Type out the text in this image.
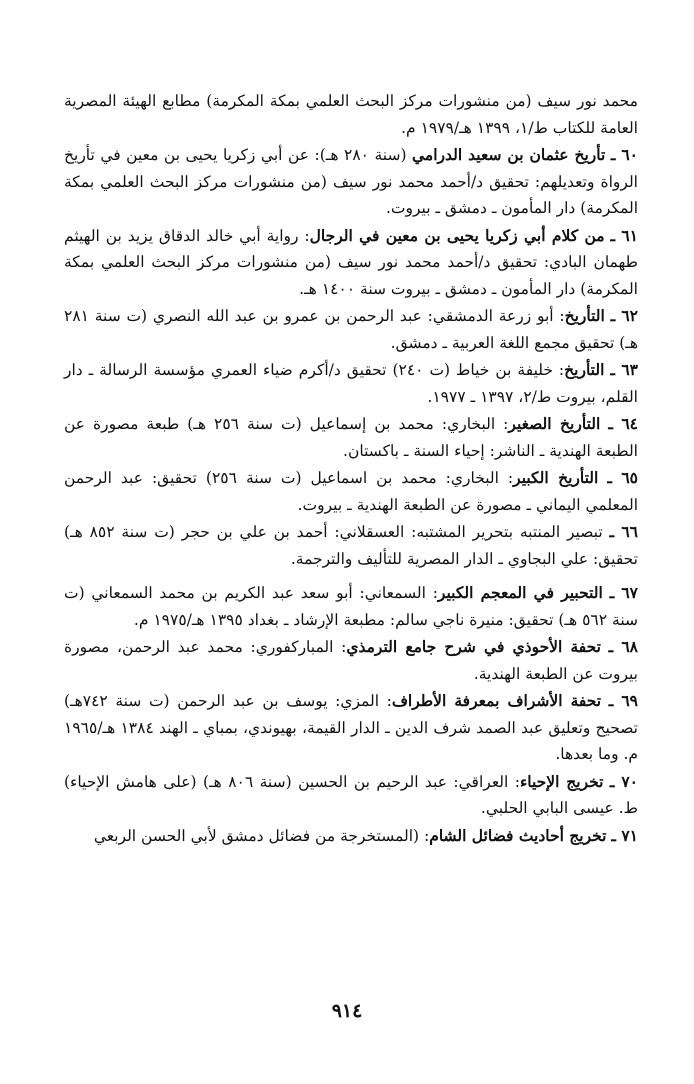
محمد نور سيف (من منشورات مركز البحث العلمي بمكة المكرمة) مطابع الهيئة المصرية العامة للكتاب ط/١، ١٣٩٩ هـ/١٩٧٩ م.

٦٠ ـ تأريخ عثمان بن سعيد الدرامي (سنة ٢٨٠ هـ): عن أبي زكريا يحيى بن معين في تأريخ الرواة وتعديلهم: تحقيق د/أحمد محمد نور سيف (من منشورات مركز البحث العلمي بمكة المكرمة) دار المأمون ـ دمشق ـ بيروت.

٦١ ـ من كلام أبي زكريا يحيى بن معين في الرجال: رواية أبي خالد الدقاق يزيد بن الهيثم طهمان البادي: تحقيق د/أحمد محمد نور سيف (من منشورات مركز البحث العلمي بمكة المكرمة) دار المأمون ـ دمشق ـ بيروت سنة ١٤٠٠ هـ.

٦٢ ـ التأريخ: أبو زرعة الدمشقي: عبد الرحمن بن عمرو بن عبد الله النصري (ت سنة ٢٨١ هـ) تحقيق مجمع اللغة العربية ـ دمشق.

٦٣ ـ التأريخ: خليفة بن خياط (ت ٢٤٠) تحقيق د/أكرم ضياء العمري مؤسسة الرسالة ـ دار القلم، بيروت ط/٢، ١٣٩٧ ـ ١٩٧٧.

٦٤ ـ التأريخ الصغير: البخاري: محمد بن إسماعيل (ت سنة ٢٥٦ هـ) طبعة مصورة عن الطبعة الهندية ـ الناشر: إحياء السنة ـ باكستان.

٦٥ ـ التأريخ الكبير: البخاري: محمد بن اسماعيل (ت سنة ٢٥٦) تحقيق: عبد الرحمن المعلمي اليماني ـ مصورة عن الطبعة الهندية ـ بيروت.

٦٦ ـ تبصير المنتبه بتحرير المشتبه: العسقلاني: أحمد بن علي بن حجر (ت سنة ٨٥٢ هـ) تحقيق: علي البجاوي ـ الدار المصرية للتأليف والترجمة.

٦٧ ـ التحبير في المعجم الكبير: السمعاني: أبو سعد عبد الكريم بن محمد السمعاني (ت سنة ٥٦٢ هـ) تحقيق: منيرة ناجي سالم: مطبعة الإرشاد ـ بغداد ١٣٩٥ هـ/١٩٧٥ م.

٦٨ ـ تحفة الأحوذي في شرح جامع الترمذي: المباركفوري: محمد عبد الرحمن، مصورة بيروت عن الطبعة الهندية.

٦٩ ـ تحفة الأشراف بمعرفة الأطراف: المزي: يوسف بن عبد الرحمن (ت سنة ٧٤٢هـ) تصحيح وتعليق عبد الصمد شرف الدين ـ الدار القيمة، بهيوندي، بمباي ـ الهند ١٣٨٤ هـ/١٩٦٥ م. وما بعدها.

٧٠ ـ تخريج الإحياء: العراقي: عبد الرحيم بن الحسين (سنة ٨٠٦ هـ) (على هامش الإحياء) ط. عيسى البابي الحلبي.

٧١ ـ تخريج أحاديث فضائل الشام: (المستخرجة من فضائل دمشق لأبي الحسن الربعي

٩١٤
